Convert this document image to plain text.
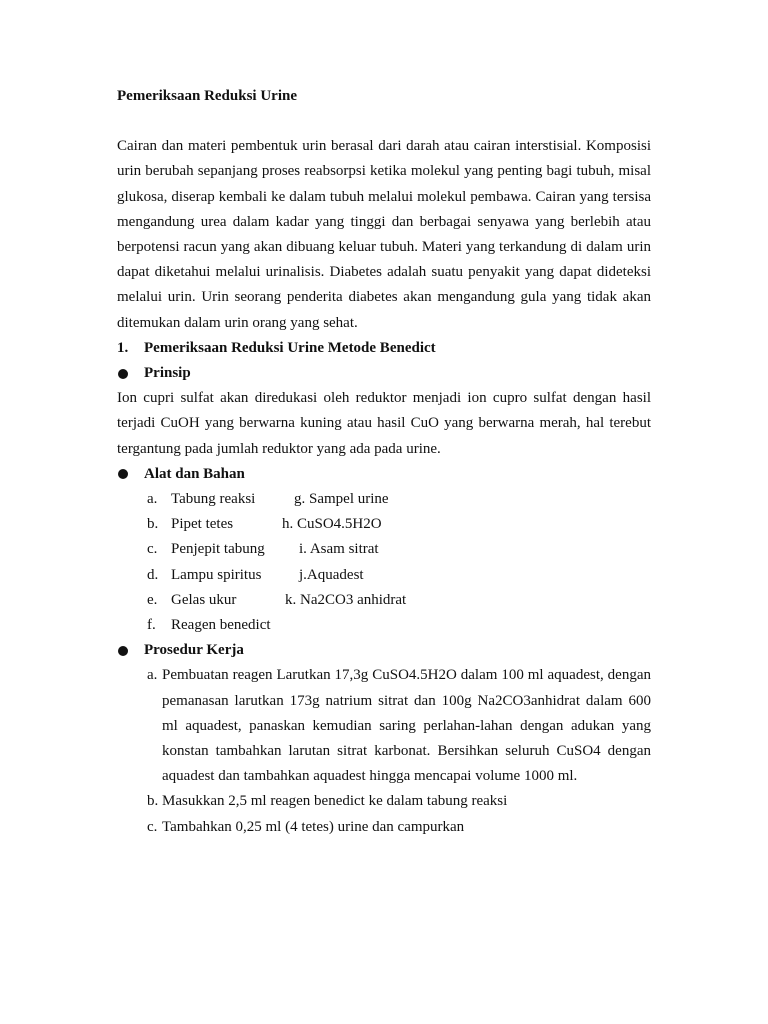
Pemeriksaan Reduksi Urine

Cairan dan materi pembentuk urin berasal dari darah atau cairan interstisial. Komposisi urin berubah sepanjang proses reabsorpsi ketika molekul yang penting bagi tubuh, misal glukosa, diserap kembali ke dalam tubuh melalui molekul pembawa. Cairan yang tersisa mengandung urea dalam kadar yang tinggi dan berbagai senyawa yang berlebih atau berpotensi racun yang akan dibuang keluar tubuh. Materi yang terkandung di dalam urin dapat diketahui melalui urinalisis. Diabetes adalah suatu penyakit yang dapat dideteksi melalui urin. Urin seorang penderita diabetes akan mengandung gula yang tidak akan ditemukan dalam urin orang yang sehat.

1.	Pemeriksaan Reduksi Urine Metode Benedict
Prinsip

Ion cupri sulfat akan diredukasi oleh reduktor menjadi ion cupro sulfat dengan hasil terjadi CuOH yang berwarna kuning atau hasil CuO yang berwarna merah, hal terebut tergantung pada jumlah reduktor yang ada pada urine.

Alat dan Bahan
a. Tabung reaksi	g. Sampel urine
b. Pipet tetes	h. CuSO4.5H2O
c. Penjepit tabung i. Asam sitrat
d. Lampu spiritus	j.Aquadest
e. Gelas ukur	k. Na2CO3 anhidrat
f. Reagen benedict
Prosedur Kerja
a. Pembuatan reagen Larutkan 17,3g CuSO4.5H2O dalam 100 ml aquadest, dengan pemanasan larutkan 173g natrium sitrat dan 100g Na2CO3anhidrat dalam 600 ml aquadest, panaskan kemudian saring perlahan-lahan dengan adukan yang konstan tambahkan larutan sitrat karbonat. Bersihkan seluruh CuSO4 dengan aquadest dan tambahkan aquadest hingga mencapai volume 1000 ml.
b. Masukkan 2,5 ml reagen benedict ke dalam tabung reaksi
c. Tambahkan 0,25 ml (4 tetes) urine dan campurkan
